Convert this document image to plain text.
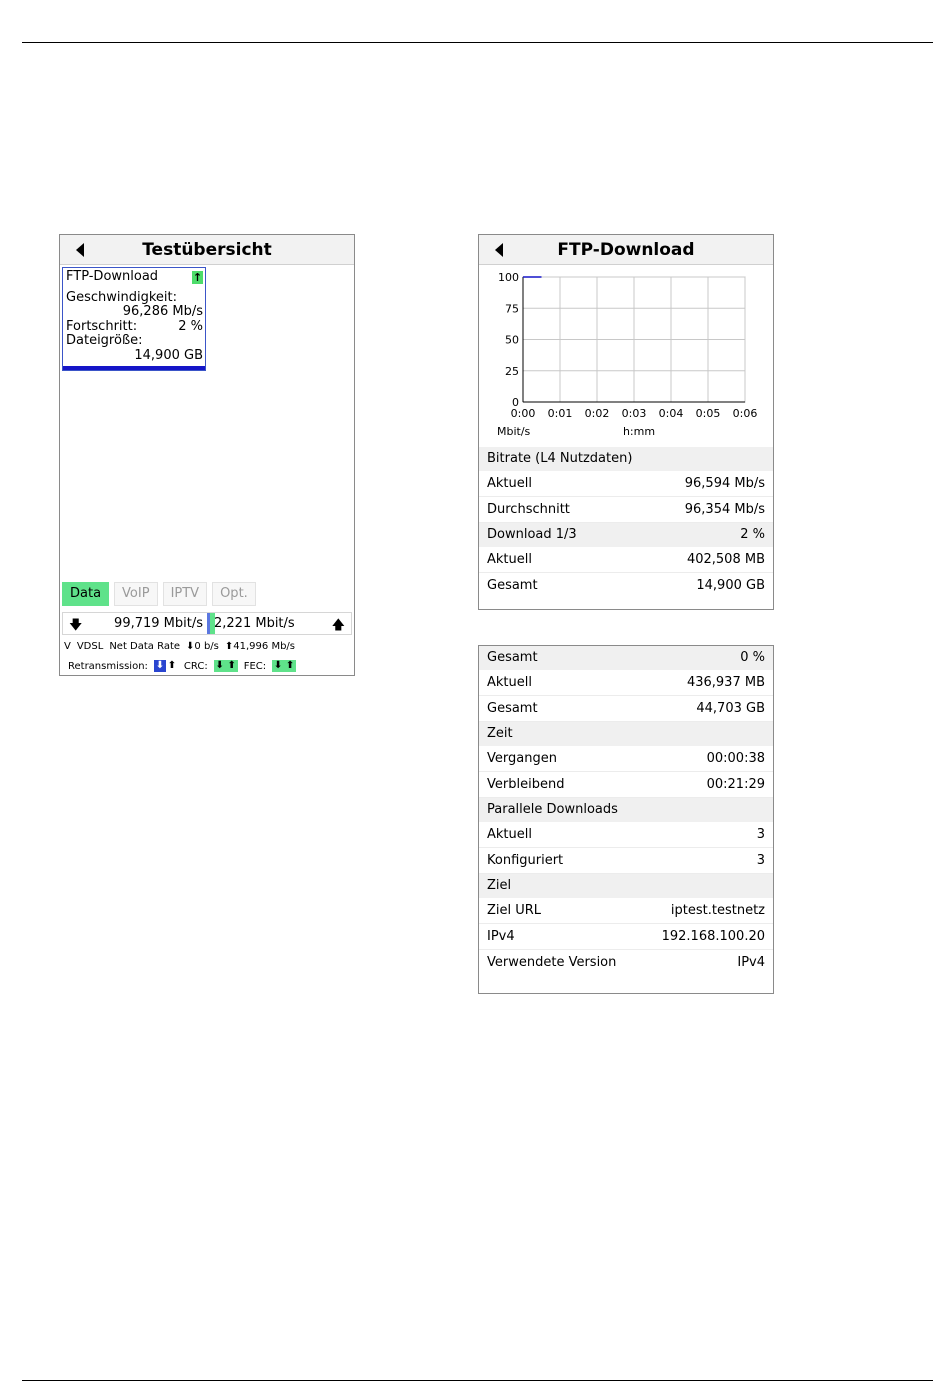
Testübersicht
FTP-Download	↑
Geschwindigkeit:
96,286 Mb/s
Fortschritt:	2 %
Dateigröße:
14,900 GB
Data	VoIP	IPTV	Opt.
🡇 99,719 Mbit/s 2,221 Mbit/s	🡅
V VDSL Net Data Rate ⬇0 b/s ⬆41,996 Mb/s
Retransmission: ⬇ ⬆ CRC: ⬇ ⬆ FEC: ⬇ ⬆
FTP-Download
0:00 0:01 0:02 0:03 0:04 0:05 0:06
100
75
50
25
0
Mbit/s	h:mm
Bitrate (L4 Nutzdaten)
Aktuell	96,594 Mb/s
Durchschnitt	96,354 Mb/s
Download 1/3	2 %
Aktuell	402,508 MB
Gesamt	14,900 GB
Gesamt	0 %
Aktuell	436,937 MB
Gesamt	44,703 GB
Zeit
Vergangen	00:00:38
Verbleibend	00:21:29
Parallele Downloads
Aktuell	3
Konfiguriert	3
Ziel
Ziel URL	iptest.testnetz
IPv4	192.168.100.20
Verwendete Version	IPv4
